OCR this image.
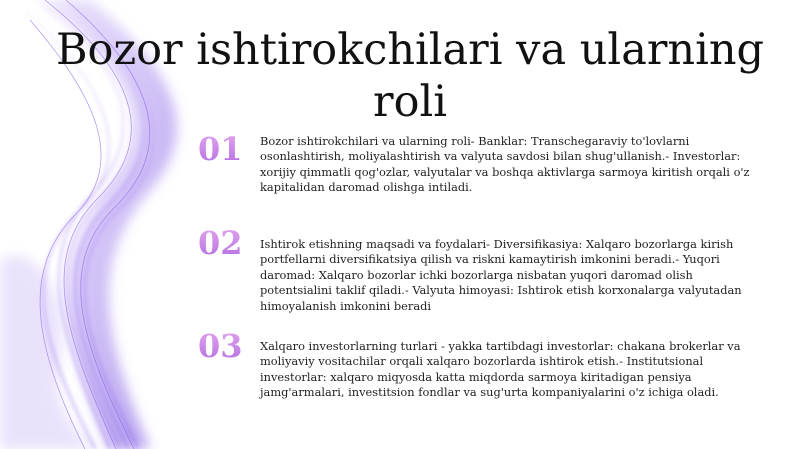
Bozor ishtirokchilari va ularning roli
01	Bozor ishtirokchilari va ularning roli- Banklar: Transchegaraviy to'lovlarni osonlashtirish, moliyalashtirish va valyuta savdosi bilan shug'ullanish.- Investorlar: xorijiy qimmatli qog'ozlar, valyutalar va boshqa aktivlarga sarmoya kiritish orqali o'z kapitalidan daromad olishga intiladi.

02	Ishtirok etishning maqsadi va foydalari- Diversifikasiya: Xalqaro bozorlarga kirish portfellarni diversifikatsiya qilish va riskni kamaytirish imkonini beradi.- Yuqori daromad: Xalqaro bozorlar ichki bozorlarga nisbatan yuqori daromad olish potentsialini taklif qiladi.- Valyuta himoyasi: Ishtirok etish korxonalarga valyutadan himoyalanish imkonini beradi

03	Xalqaro investorlarning turlari - yakka tartibdagi investorlar: chakana brokerlar va moliyaviy vositachilar orqali xalqaro bozorlarda ishtirok etish.- Institutsional investorlar: xalqaro miqyosda katta miqdorda sarmoya kiritadigan pensiya jamg'armalari, investitsion fondlar va sug'urta kompaniyalarini o'z ichiga oladi.
